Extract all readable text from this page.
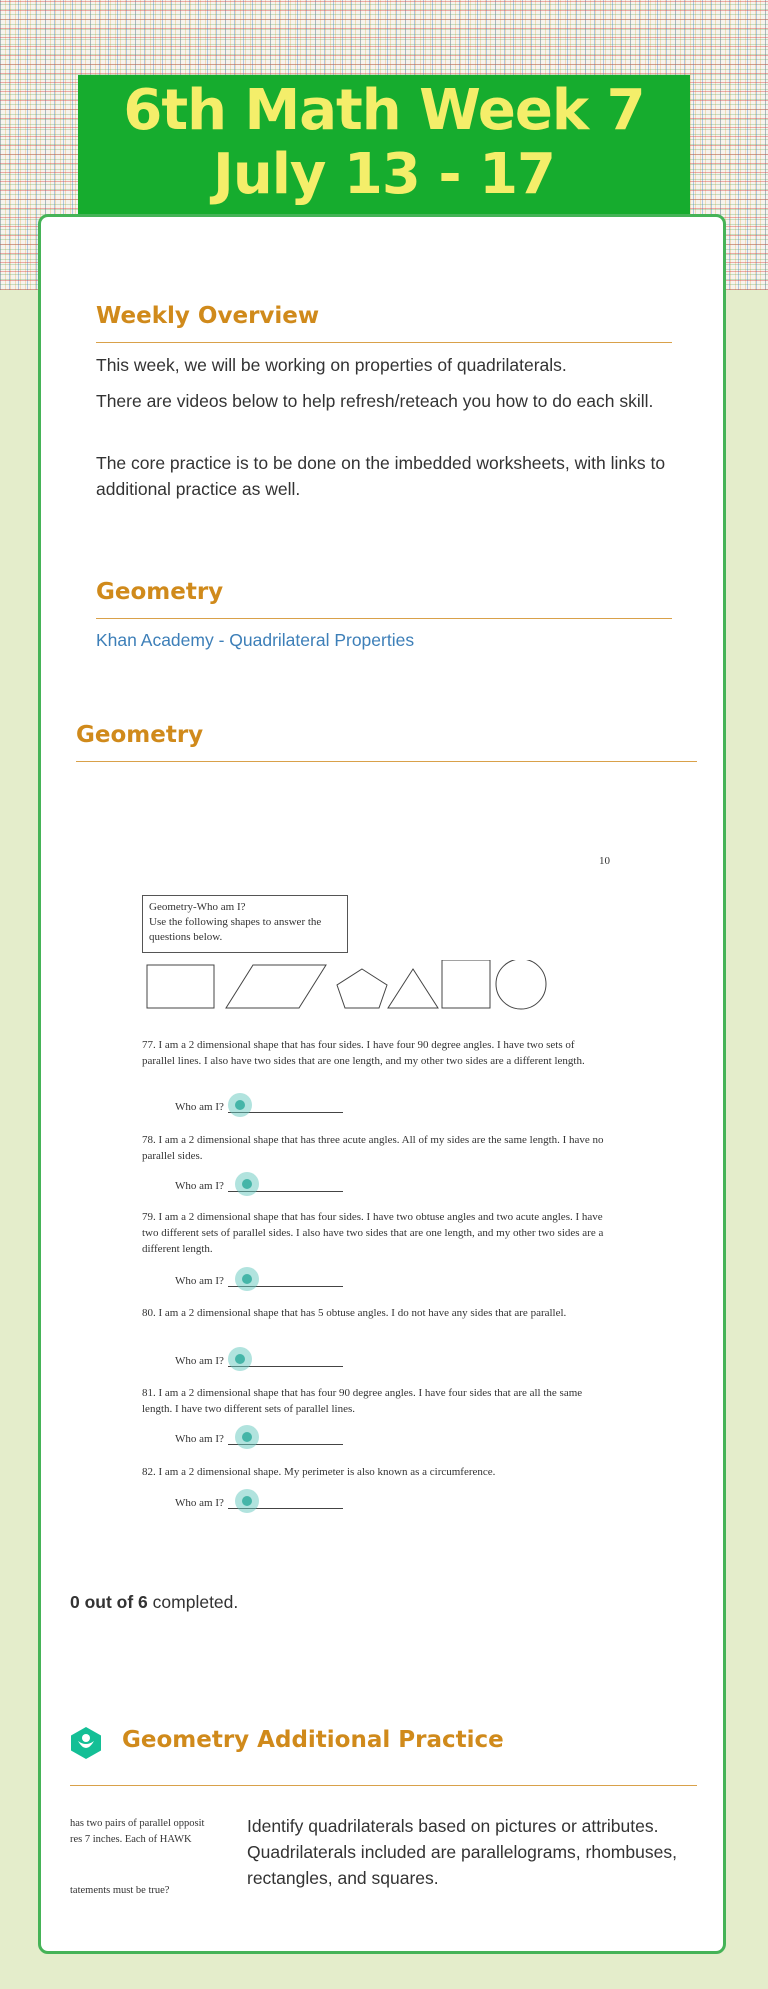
6th Math Week 7
July 13 - 17
Weekly Overview

This week, we will be working on properties of quadrilaterals.

There are videos below to help refresh/reteach you how to do each skill.

The core practice is to be done on the imbedded worksheets, with links to additional practice as well.

Geometry
Khan Academy - Quadrilateral Properties
Geometry
10
Geometry-Who am I?
Use the following shapes to answer the questions below.
77. I am a 2 dimensional shape that has four sides. I have four 90 degree angles. I have two sets of parallel lines. I also have two sides that are one length, and my other two sides are a different length.
Who am I?
78. I am a 2 dimensional shape that has three acute angles. All of my sides are the same length. I have no parallel sides.
Who am I?
79. I am a 2 dimensional shape that has four sides. I have two obtuse angles and two acute angles. I have two different sets of parallel sides. I also have two sides that are one length, and my other two sides are a different length.
Who am I?
80. I am a 2 dimensional shape that has 5 obtuse angles. I do not have any sides that are parallel.
Who am I?
81. I am a 2 dimensional shape that has four 90 degree angles. I have four sides that are all the same length. I have two different sets of parallel lines.
Who am I?
82. I am a 2 dimensional shape. My perimeter is also known as a circumference.
Who am I?
0 out of 6 completed.
Geometry Additional Practice
has two pairs of parallel opposit
res 7 inches. Each of HAWK
tatements must be true?

Identify quadrilaterals based on pictures or attributes. Quadrilaterals included are parallelograms, rhombuses, rectangles, and squares.
